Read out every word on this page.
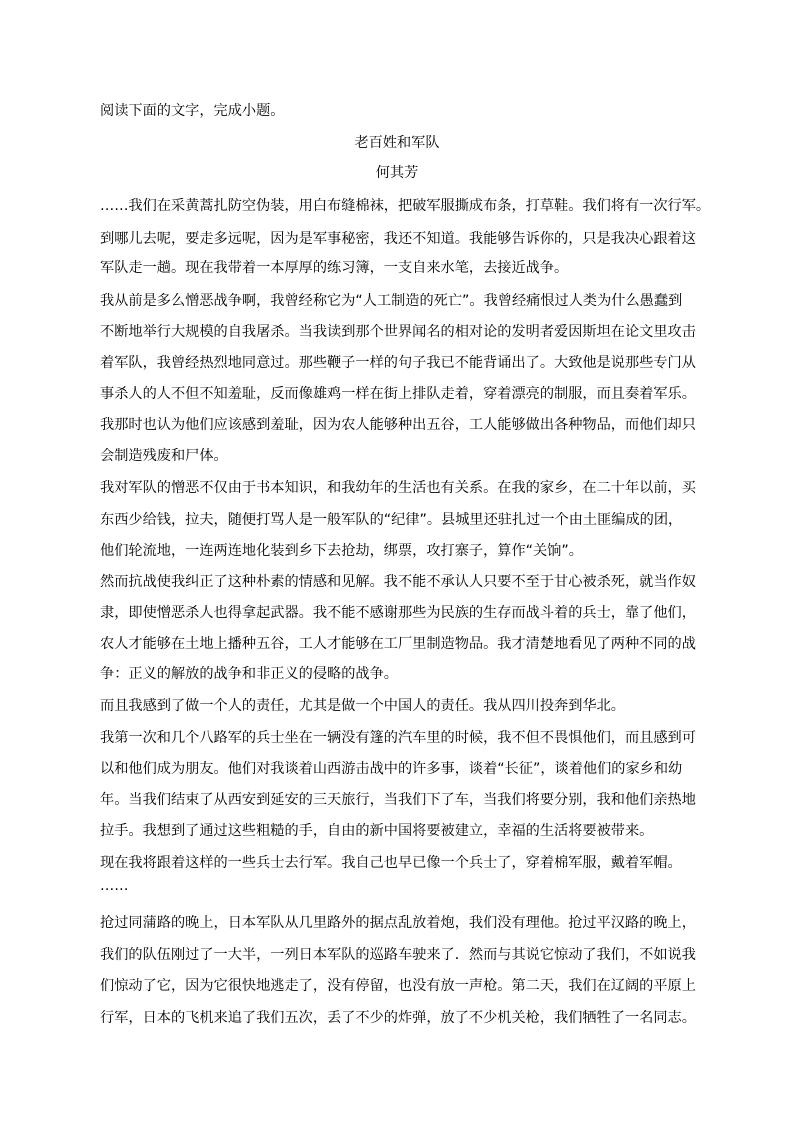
阅读下面的文字，完成小题。
老百姓和军队
何其芳
……我们在采黄蒿扎防空伪装，用白布缝棉袜，把破军服撕成布条，打草鞋。我们将有一次行军。
到哪儿去呢，要走多远呢，因为是军事秘密，我还不知道。我能够告诉你的，只是我决心跟着这
军队走一趟。现在我带着一本厚厚的练习簿，一支自来水笔，去接近战争。
我从前是多么憎恶战争啊，我曾经称它为“人工制造的死亡”。我曾经痛恨过人类为什么愚蠢到
不断地举行大规模的自我屠杀。当我读到那个世界闻名的相对论的发明者爱因斯坦在论文里攻击
着军队，我曾经热烈地同意过。那些鞭子一样的句子我已不能背诵出了。大致他是说那些专门从
事杀人的人不但不知羞耻，反而像雄鸡一样在街上排队走着，穿着漂亮的制服，而且奏着军乐。
我那时也认为他们应该感到羞耻，因为农人能够种出五谷，工人能够做出各种物品，而他们却只
会制造残废和尸体。
我对军队的憎恶不仅由于书本知识，和我幼年的生活也有关系。在我的家乡，在二十年以前，买
东西少给钱，拉夫，随便打骂人是一般军队的“纪律”。县城里还驻扎过一个由土匪编成的团，
他们轮流地，一连两连地化装到乡下去抢劫，绑票，攻打寨子，算作“关饷”。
然而抗战使我纠正了这种朴素的情感和见解。我不能不承认人只要不至于甘心被杀死，就当作奴
隶，即使憎恶杀人也得拿起武器。我不能不感谢那些为民族的生存而战斗着的兵士，靠了他们，
农人才能够在土地上播种五谷，工人才能够在工厂里制造物品。我才清楚地看见了两种不同的战
争：正义的解放的战争和非正义的侵略的战争。
而且我感到了做一个人的责任，尤其是做一个中国人的责任。我从四川投奔到华北。
我第一次和几个八路军的兵士坐在一辆没有篷的汽车里的时候，我不但不畏惧他们，而且感到可
以和他们成为朋友。他们对我谈着山西游击战中的许多事，谈着“长征”，谈着他们的家乡和幼
年。当我们结束了从西安到延安的三天旅行，当我们下了车，当我们将要分别，我和他们亲热地
拉手。我想到了通过这些粗糙的手，自由的新中国将要被建立，幸福的生活将要被带来。
现在我将跟着这样的一些兵士去行军。我自己也早已像一个兵士了，穿着棉军服，戴着军帽。
……
抢过同蒲路的晚上，日本军队从几里路外的据点乱放着炮，我们没有理他。抢过平汉路的晚上，
我们的队伍刚过了一大半，一列日本军队的巡路车驶来了．然而与其说它惊动了我们，不如说我
们惊动了它，因为它很快地逃走了，没有停留，也没有放一声枪。第二天，我们在辽阔的平原上
行军，日本的飞机来追了我们五次，丢了不少的炸弹，放了不少机关枪，我们牺牲了一名同志。
